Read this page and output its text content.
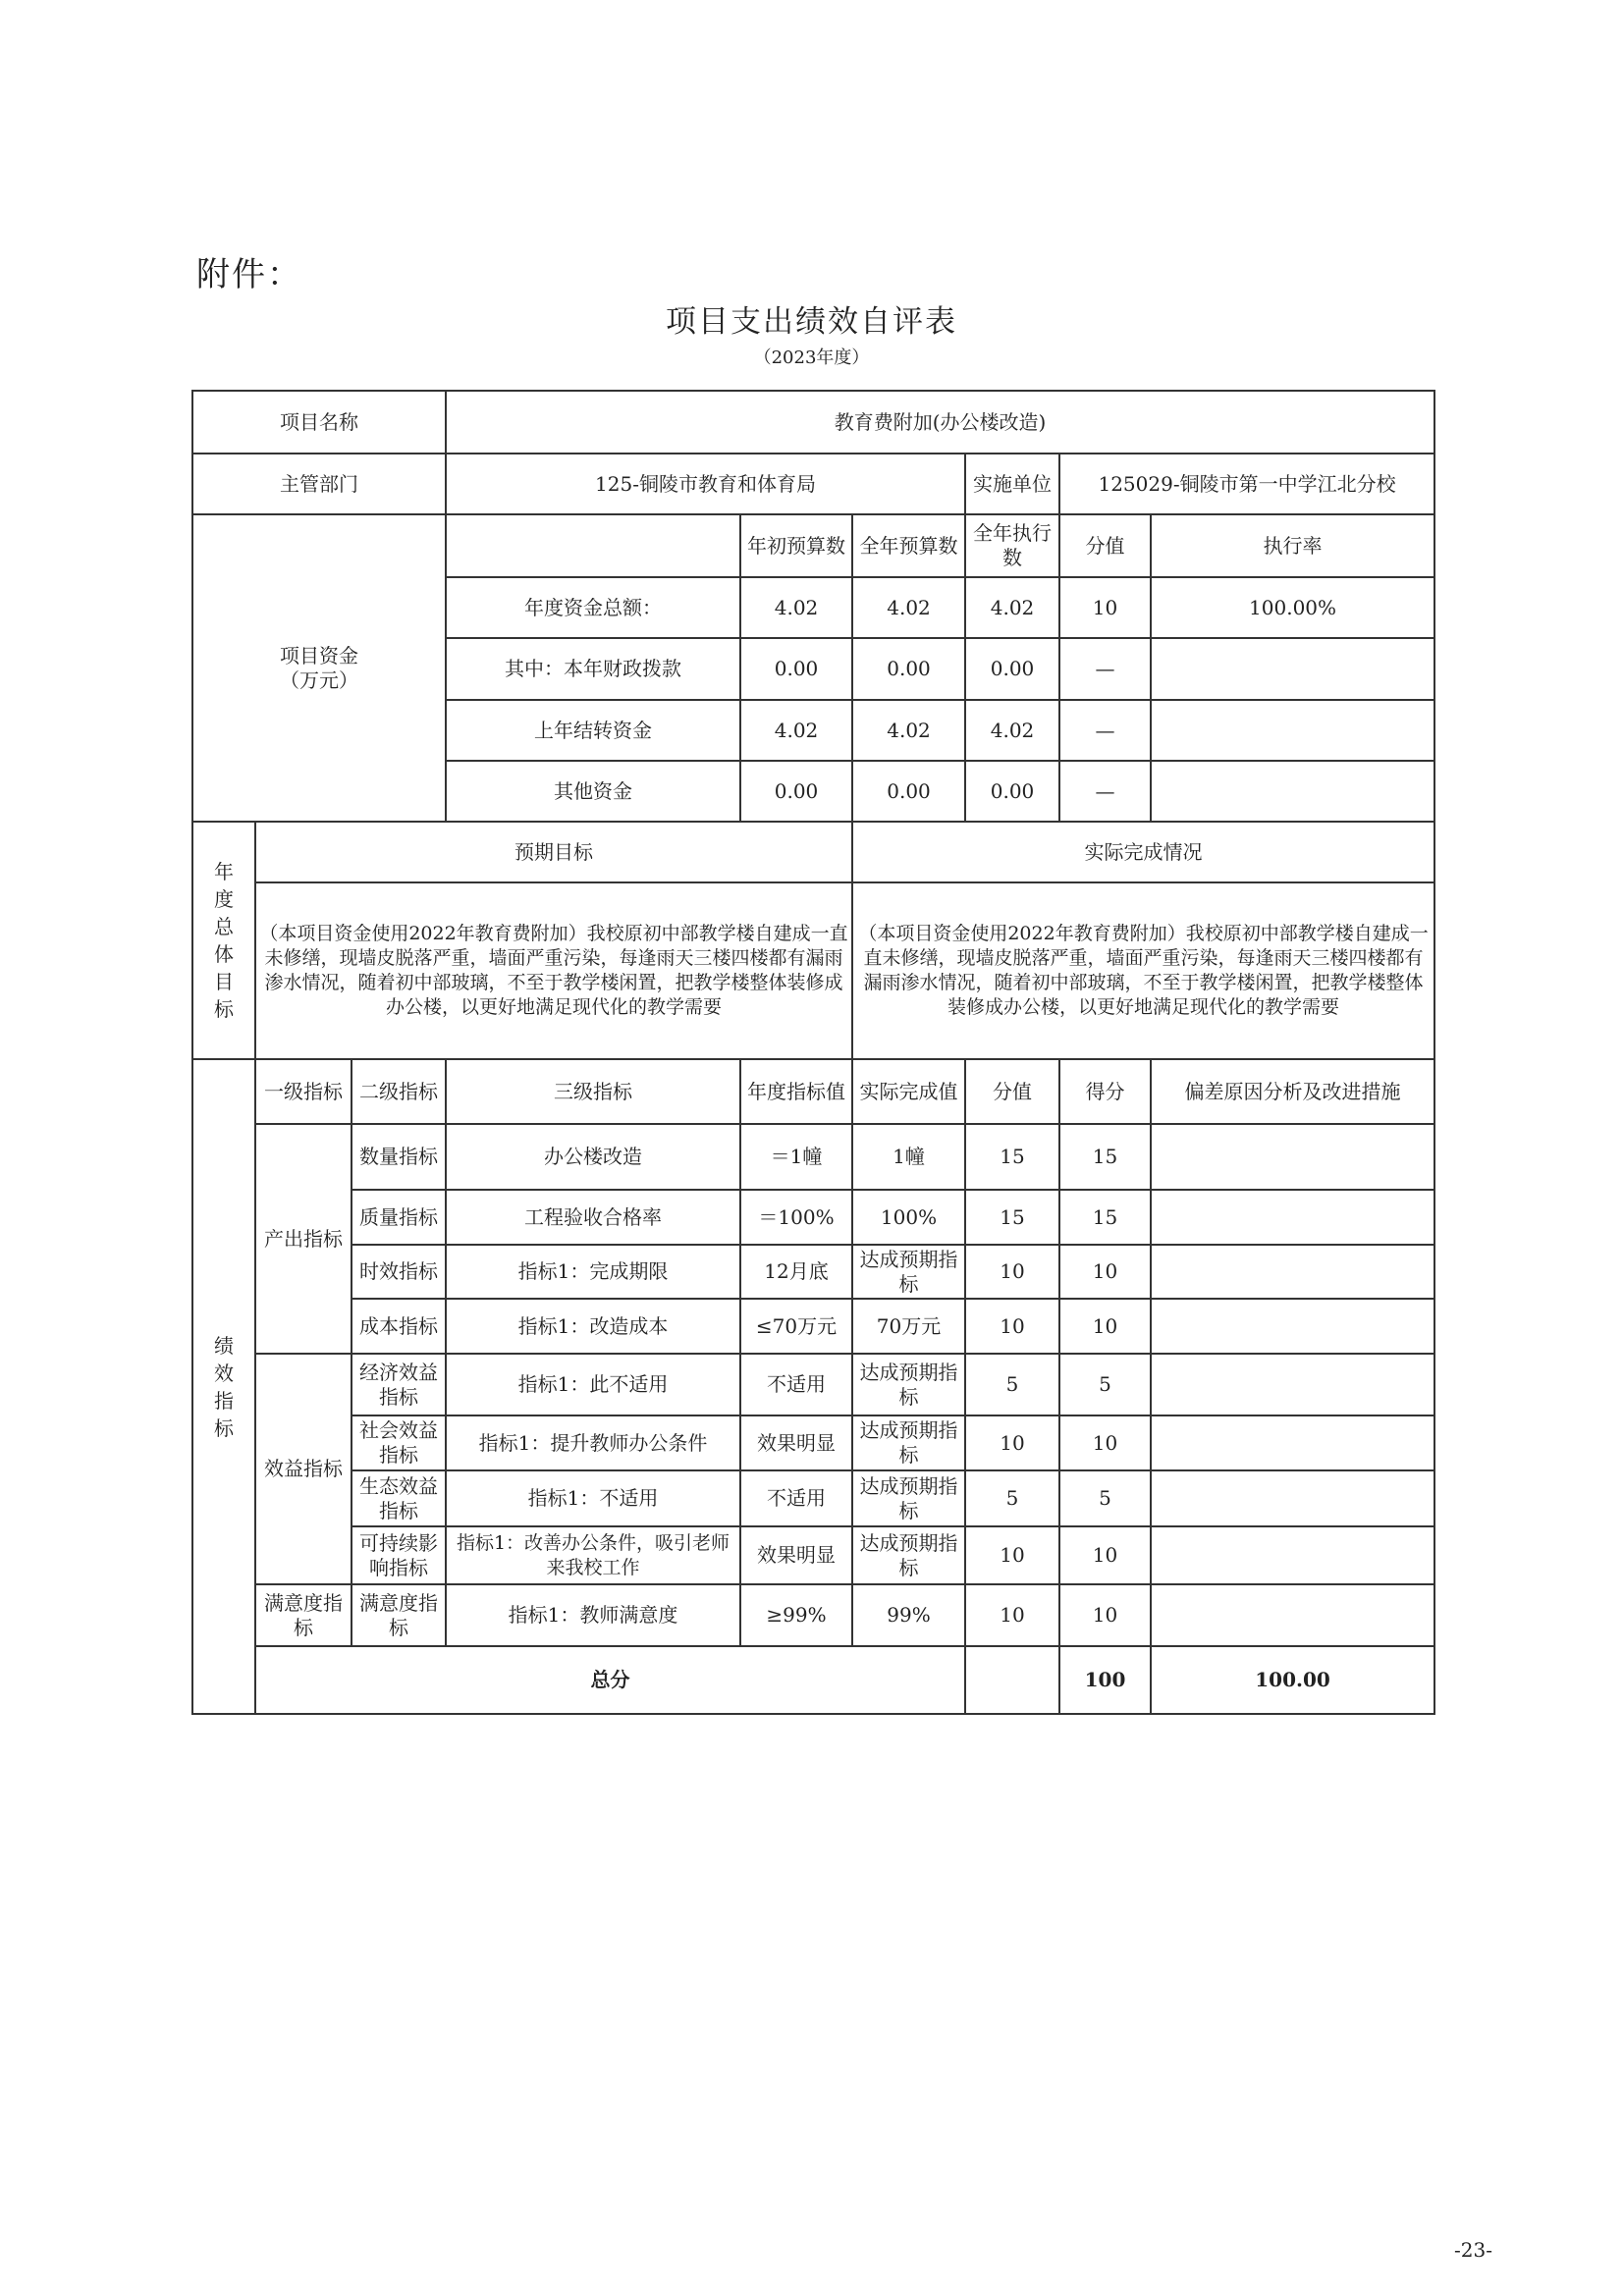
附件：
项目支出绩效自评表
（2023年度）
项目名称			教育费附加(办公楼改造)						
主管部门			125-铜陵市教育和体育局			实施单位	125029-铜陵市第一中学江北分校		
项目资金
（万元）				年初预算数	全年预算数	全年执行数	分值	执行率	
			年度资金总额：	4.02	4.02	4.02	10	100.00%	
			其中：本年财政拨款	0.00	0.00	0.00	—		
			上年结转资金	4.02	4.02	4.02	—		
			其他资金	0.00	0.00	0.00	—		
年度总体目标	预期目标				实际完成情况				
	（本项目资金使用2022年教育费附加）我校原初中部教学楼自建成一直未修缮，现墙皮脱落严重，墙面严重污染，每逢雨天三楼四楼都有漏雨渗水情况，随着初中部玻璃，不至于教学楼闲置，把教学楼整体装修成办公楼，以更好地满足现代化的教学需要				（本项目资金使用2022年教育费附加）我校原初中部教学楼自建成一直未修缮，现墙皮脱落严重，墙面严重污染，每逢雨天三楼四楼都有漏雨渗水情况，随着初中部玻璃，不至于教学楼闲置，把教学楼整体装修成办公楼，以更好地满足现代化的教学需要				
绩效指标	一级指标	二级指标	三级指标	年度指标值	实际完成值	分值	得分	偏差原因分析及改进措施	
	产出指标	数量指标	办公楼改造	＝1幢	1幢	15	15		
		质量指标	工程验收合格率	＝100%	100%	15	15		
		时效指标	指标1：完成期限	12月底	达成预期指标	10	10		
		成本指标	指标1：改造成本	≤70万元	70万元	10	10		
	效益指标	经济效益指标	指标1：此不适用	不适用	达成预期指标	5	5		
		社会效益指标	指标1：提升教师办公条件	效果明显	达成预期指标	10	10		
		生态效益指标	指标1：不适用	不适用	达成预期指标	5	5		
		可持续影响指标	指标1：改善办公条件，吸引老师来我校工作	效果明显	达成预期指标	10	10		
	满意度指标	满意度指标	指标1：教师满意度	≥99%	99%	10	10		
	总分						100	100.00	
-23-
